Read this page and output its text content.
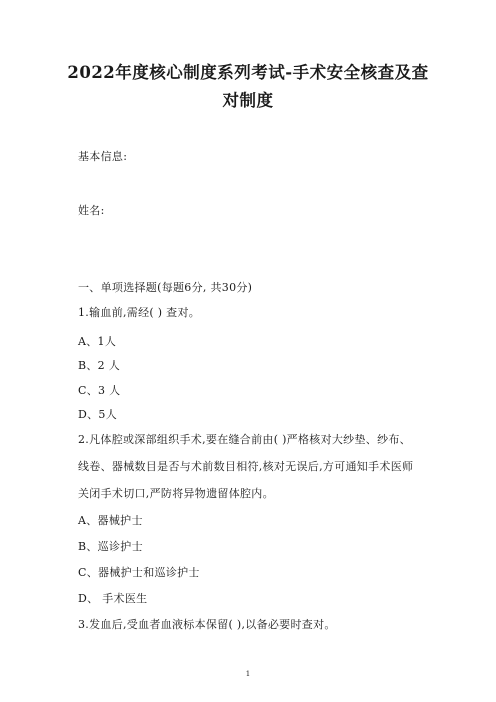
2022年度核心制度系列考试-手术安全核查及查
对制度
基本信息:
姓名:
一、单项选择题(每题6分, 共30分)
1.输血前,需经( ) 查对。
A、1人
B、2 人
C、3 人
D、5人
2.凡体腔或深部组织手术,要在缝合前由( )严格核对大纱垫、纱布、
线卷、器械数目是否与术前数目相符,核对无误后,方可通知手术医师
关闭手术切口,严防将异物遗留体腔内。
A、器械护士
B、巡诊护士
C、器械护士和巡诊护士
D、 手术医生
3.发血后,受血者血液标本保留( ),以备必要时查对。
1
